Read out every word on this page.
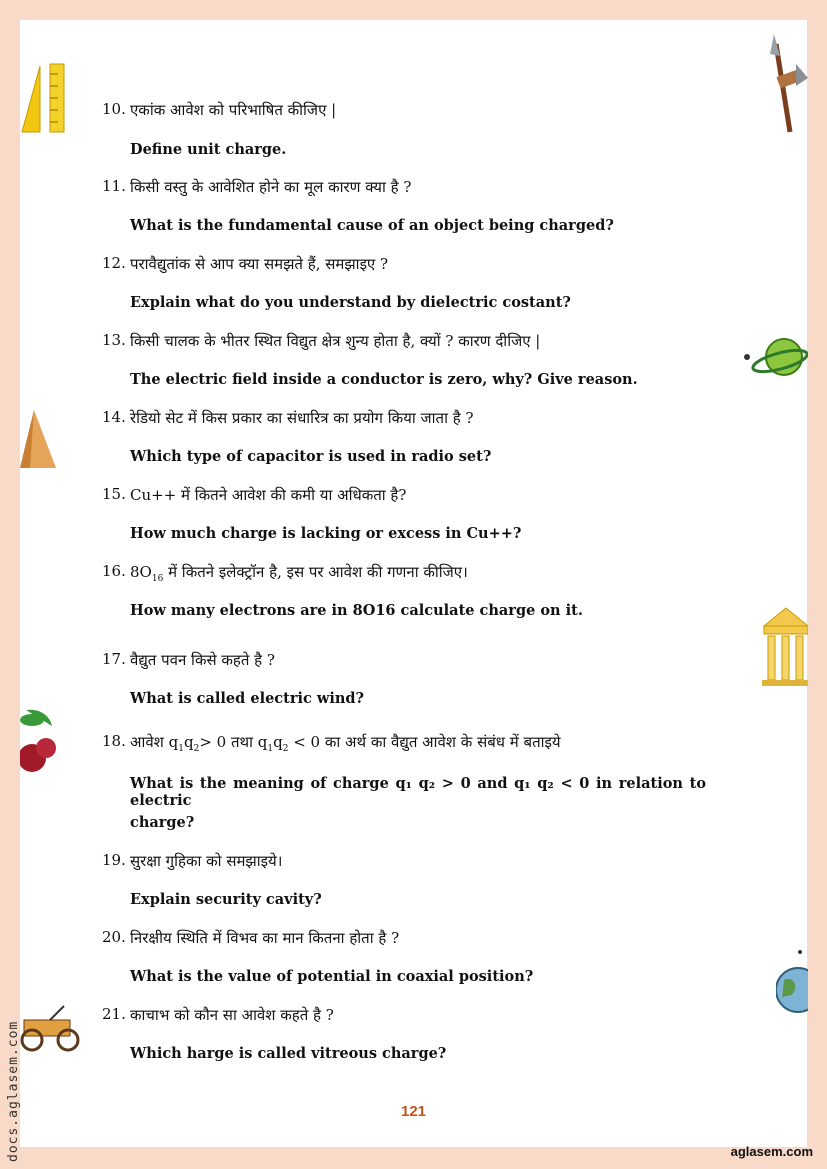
10. एकांक आवेश को परिभाषित कीजिए |
Define unit charge.
11. किसी वस्तु के आवेशित होने का मूल कारण क्या है ?
What is the fundamental cause of an object being charged?
12. परावैद्युतांक से आप क्या समझते हैं, समझाइए ?
Explain what do you understand by dielectric costant?
13. किसी चालक के भीतर स्थित विद्युत क्षेत्र शुन्य होता है, क्यों ? कारण दीजिए |
The electric field inside a conductor is zero, why? Give reason.
14. रेडियो सेट में किस प्रकार का संधारित्र का प्रयोग किया जाता है ?
Which type of capacitor is used in radio set?
15. Cu++ में कितने आवेश की कमी या अधिकता है?
How much charge is lacking or excess in Cu++?
16. $8O_{16}$ में कितने इलेक्ट्रॉन है, इस पर आवेश की गणना कीजिए।
How many electrons are in 8O16 calculate charge on it.
17. वैद्युत पवन किसे कहते है ?
What is called electric wind?
18. आवेश $q_1q_2> 0$ तथा $q_1q_2 < 0$ का अर्थ का वैद्युत आवेश के संबंध में बताइये
What is the meaning of charge q₁ q₂ > 0 and q₁ q₂ < 0 in relation to electric
charge?
19. सुरक्षा गुहिका को समझाइये।
Explain security cavity?
20. निरक्षीय स्थिति में विभव का मान कितना होता है ?
What is the value of potential in coaxial position?
21. काचाभ को कौन सा आवेश कहते है ?
Which harge is called vitreous charge?
121
aglasem.com
docs.aglasem.com
